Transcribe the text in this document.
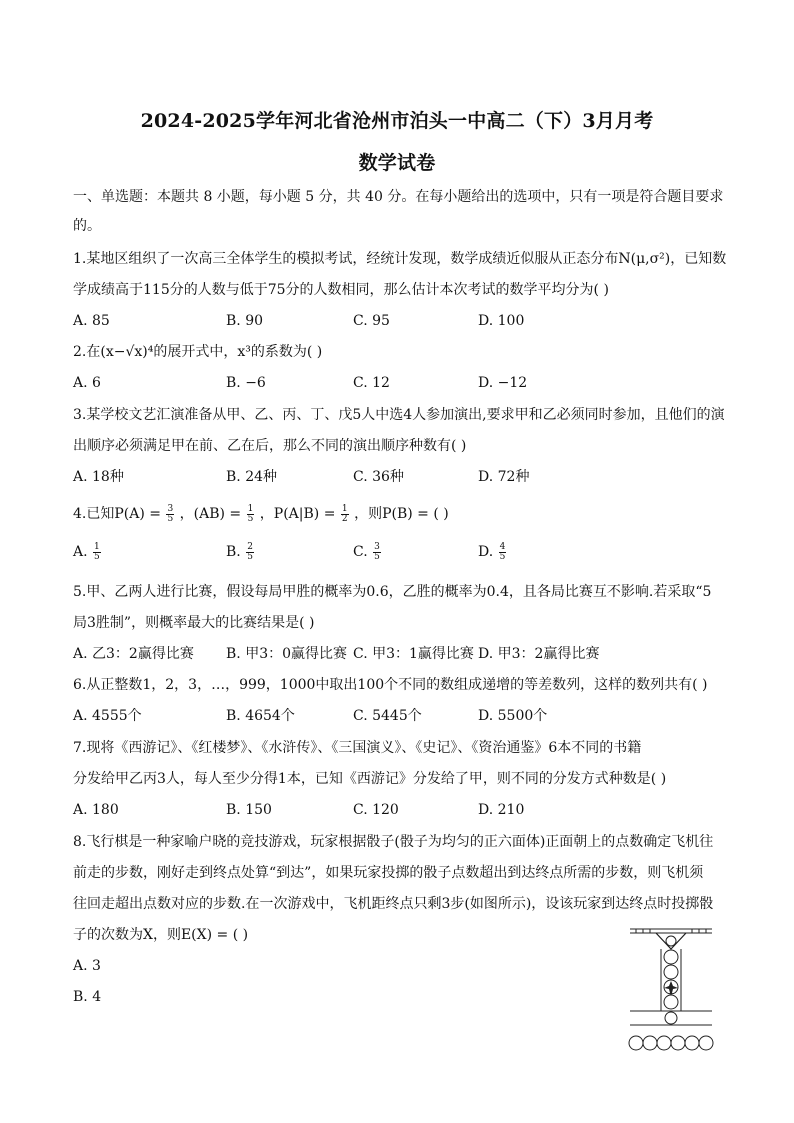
2024-2025学年河北省沧州市泊头一中高二（下）3月月考
数学试卷
一、单选题：本题共 8 小题，每小题 5 分，共 40 分。在每小题给出的选项中，只有一项是符合题目要求
的。
1.某地区组织了一次高三全体学生的模拟考试，经统计发现，数学成绩近似服从正态分布N(μ,σ²)，已知数
学成绩高于115分的人数与低于75分的人数相同，那么估计本次考试的数学平均分为( )
A. 85	B. 90	C. 95	D. 100
2.在(x−√x)⁴的展开式中，x³的系数为( )
A. 6	B. −6	C. 12	D. −12
3.某学校文艺汇演准备从甲、乙、丙、丁、戊5人中选4人参加演出,要求甲和乙必须同时参加，且他们的演
出顺序必须满足甲在前、乙在后，那么不同的演出顺序种数有( )
A. 18种	B. 24种	C. 36种	D. 72种
4.已知$P(A) = \frac{3}{5}$ ，$(AB) = \frac{1}{5}$ ，$P(A|B) = \frac{1}{2}$ ，则P(B) = ( )
A. $\frac{1}{5}$	B. $\frac{2}{5}$	C. $\frac{3}{5}$	D. $\frac{4}{5}$
5.甲、乙两人进行比赛，假设每局甲胜的概率为0.6，乙胜的概率为0.4，且各局比赛互不影响.若采取“5
局3胜制”，则概率最大的比赛结果是( )
A. 乙3：2赢得比赛 B. 甲3：0赢得比赛 C. 甲3：1赢得比赛 D. 甲3：2赢得比赛
6.从正整数1，2，3，…，999，1000中取出100个不同的数组成递增的等差数列，这样的数列共有( )
A. 4555个	B. 4654个	C. 5445个	D. 5500个
7.现将《西游记》、《红楼梦》、《水浒传》、《三国演义》、《史记》、《资治通鉴》6本不同的书籍
分发给甲乙丙3人，每人至少分得1本，已知《西游记》分发给了甲，则不同的分发方式种数是( )
A. 180	B. 150	C. 120	D. 210
8.飞行棋是一种家喻户晓的竞技游戏，玩家根据骰子(骰子为均匀的正六面体)正面朝上的点数确定飞机往
前走的步数，刚好走到终点处算“到达”，如果玩家投掷的骰子点数超出到达终点所需的步数，则飞机须
往回走超出点数对应的步数.在一次游戏中，飞机距终点只剩3步(如图所示)，设该玩家到达终点时投掷骰
子的次数为X，则E(X) = ( )
A. 3
B. 4
